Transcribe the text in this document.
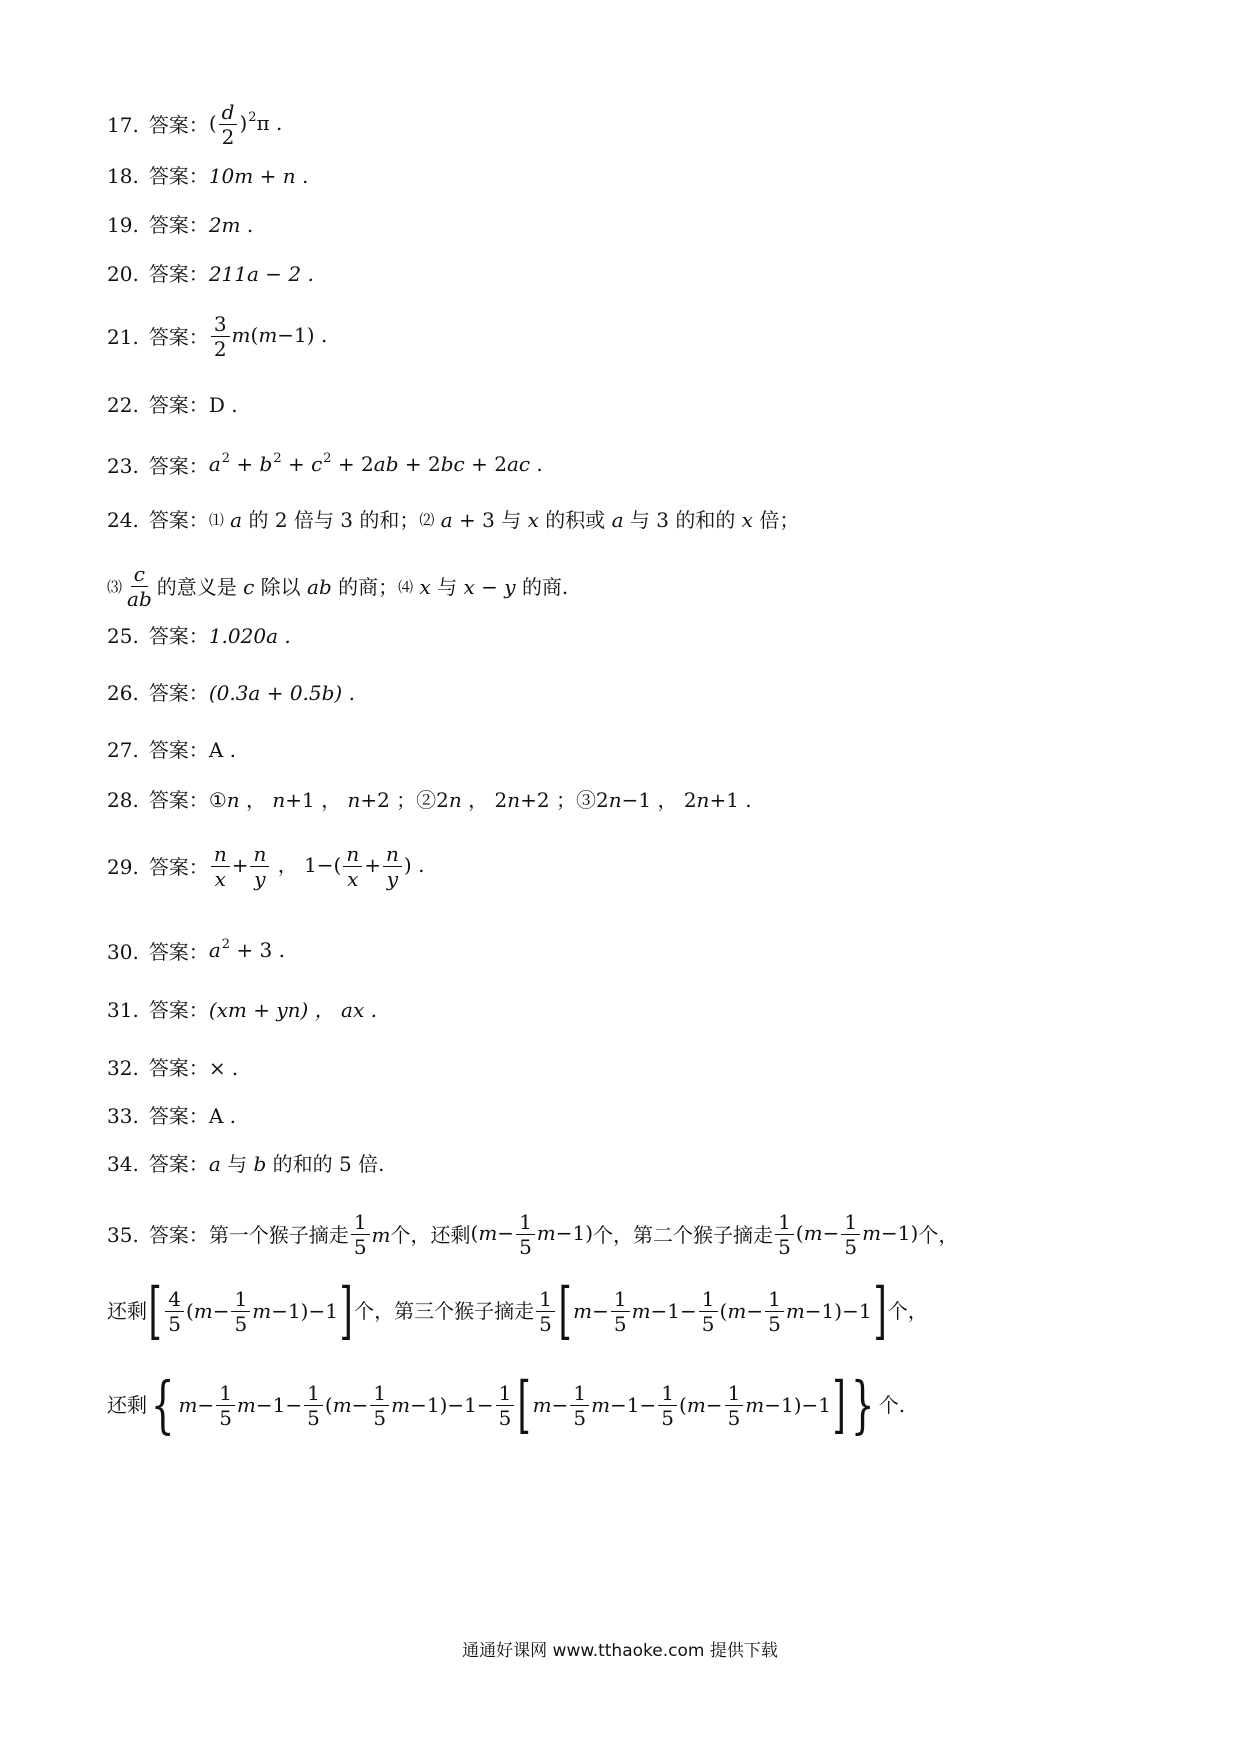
17. 答案： ( $\frac{d}{2} )^2\pi$ .
18. 答案： 10m + n .
19. 答案： 2m .
20. 答案： 211a − 2 .
21. 答案： $\frac{3}{2} m(m-1)$ .
22. 答案： D .
23. 答案： $a^2 + b^2 + c^2 + 2ab + 2bc + 2ac$ .
24. 答案： ⑴ a 的 2 倍与 3 的和； ⑵ a + 3 与 x 的积或 a 与 3 的和的 x 倍；
⑶ $\frac{c}{ab}$ 的意义是 c 除以 ab 的商； ⑷ x 与 x − y 的商.
25. 答案： 1.020a .
26. 答案： (0.3a + 0.5b) .
27. 答案： A .
28. 答案： ①n ， n+1 ， n+2 ；②2n ， 2n+2 ；③2n−1 ， 2n+1 .
29. 答案： $\frac{n}{x} + \frac{n}{y}$ ， $1-( \frac{n}{x} + \frac{n}{y}$ ) .
30. 答案： $a^2 + 3$ .
31. 答案： (xm + yn) ， ax .
32. 答案： × .
33. 答案： A .
34. 答案： a 与 b 的和的 5 倍.
35. 答案： 第一个猴子摘走 $\frac{1}{5}$ m 个，还剩 $(m- \frac{1}{5} m-1)$ 个，第二个猴子摘走 $\frac{1}{5} (m- \frac{1}{5} m-1)$ 个，
还剩 [ $\frac{4}{5}$ ( $m - \frac{1}{5}$ m −1)−1 ] 个，第三个猴子摘走 $\frac{1}{5}$ [ $m - \frac{1}{5}$ $m -1- \frac{1}{5}$ ( $m - \frac{1}{5}$ m −1)−1 ] 个，
还剩 { $m - \frac{1}{5}$ $m -1- \frac{1}{5}$ ( $m - \frac{1}{5}$ $m -1)-1- \frac{1}{5}$ [ $m - \frac{1}{5}$ $m -1- \frac{1}{5}$ ( $m - \frac{1}{5}$ m −1)−1 ] } 个.
通通好课网 www.tthaoke.com 提供下载
